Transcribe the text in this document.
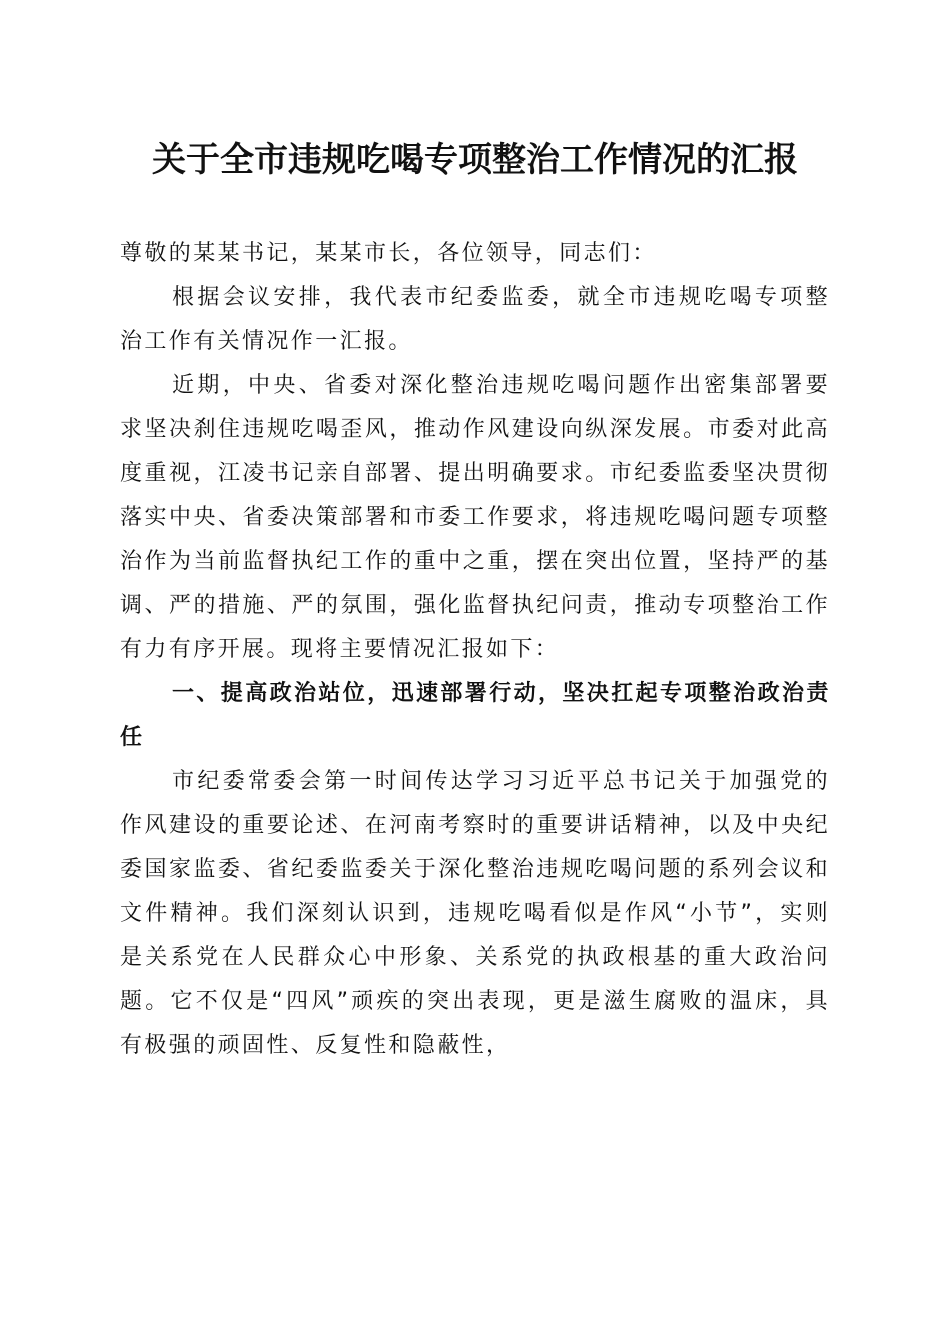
关于全市违规吃喝专项整治工作情况的汇报

尊敬的某某书记，某某市长，各位领导，同志们：

根据会议安排，我代表市纪委监委，就全市违规吃喝专项整治工作有关情况作一汇报。

近期，中央、省委对深化整治违规吃喝问题作出密集部署要求坚决刹住违规吃喝歪风，推动作风建设向纵深发展。市委对此高度重视，江凌书记亲自部署、提出明确要求。市纪委监委坚决贯彻落实中央、省委决策部署和市委工作要求，将违规吃喝问题专项整治作为当前监督执纪工作的重中之重，摆在突出位置，坚持严的基调、严的措施、严的氛围，强化监督执纪问责，推动专项整治工作有力有序开展。现将主要情况汇报如下：

一、提高政治站位，迅速部署行动，坚决扛起专项整治政治责任

市纪委常委会第一时间传达学习习近平总书记关于加强党的作风建设的重要论述、在河南考察时的重要讲话精神，以及中央纪委国家监委、省纪委监委关于深化整治违规吃喝问题的系列会议和文件精神。我们深刻认识到，违规吃喝看似是作风“小节”，实则是关系党在人民群众心中形象、关系党的执政根基的重大政治问题。它不仅是“四风”顽疾的突出表现，更是滋生腐败的温床，具有极强的顽固性、反复性和隐蔽性，
